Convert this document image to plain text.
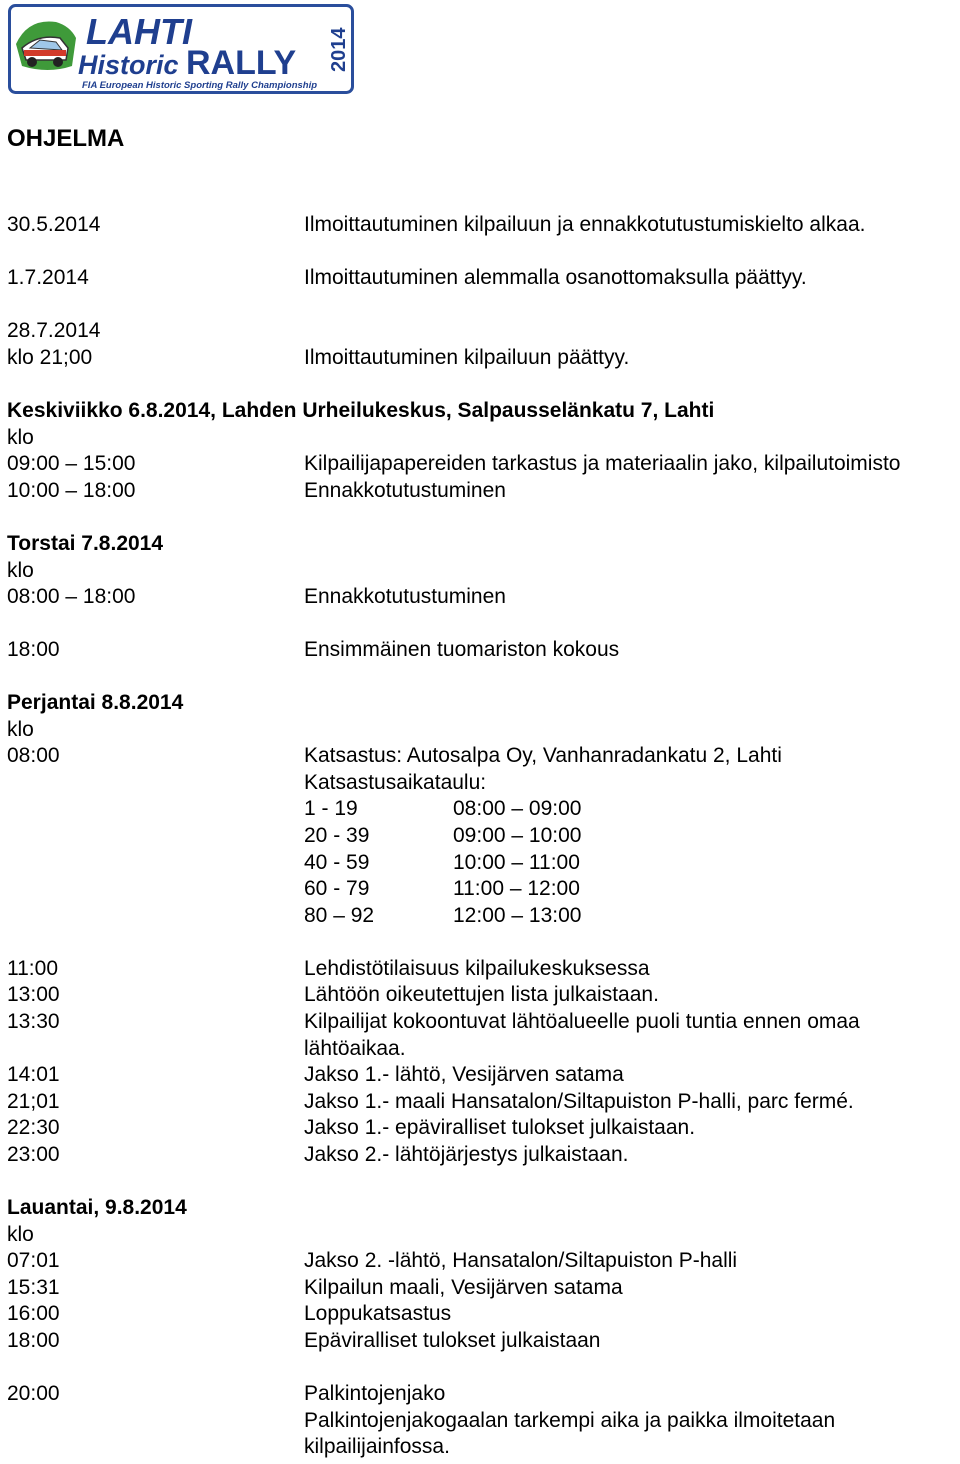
LAHTI
Historic RALLY 2014
FIA European Historic Sporting Rally Championship
OHJELMA
30.5.2014	Ilmoittautuminen kilpailuun ja ennakkotutustumiskielto alkaa.
1.7.2014	Ilmoittautuminen alemmalla osanottomaksulla päättyy.
28.7.2014
klo 21;00	Ilmoittautuminen kilpailuun päättyy.
Keskiviikko 6.8.2014, Lahden Urheilukeskus, Salpausselänkatu 7, Lahti
klo
09:00 – 15:00	Kilpailijapapereiden tarkastus ja materiaalin jako, kilpailutoimisto
10:00 – 18:00	Ennakkotutustuminen
Torstai 7.8.2014
klo
08:00 – 18:00	Ennakkotutustuminen
18:00	Ensimmäinen tuomariston kokous
Perjantai 8.8.2014
klo
08:00	Katsastus: Autosalpa Oy, Vanhanradankatu 2, Lahti
Katsastusaikataulu:
1 - 19	08:00 – 09:00
20 - 39	09:00 – 10:00
40 - 59	10:00 – 11:00
60 - 79	11:00 – 12:00
80 – 92	12:00 – 13:00
11:00	Lehdistötilaisuus kilpailukeskuksessa
13:00	Lähtöön oikeutettujen lista julkaistaan.
13:30	Kilpailijat kokoontuvat lähtöalueelle puoli tuntia ennen omaa
lähtöaikaa.
14:01	Jakso 1.- lähtö, Vesijärven satama
21;01	Jakso 1.- maali Hansatalon/Siltapuiston P-halli, parc fermé.
22:30	Jakso 1.- epäviralliset tulokset julkaistaan.
23:00	Jakso 2.- lähtöjärjestys julkaistaan.
Lauantai, 9.8.2014
klo
07:01	Jakso 2. -lähtö, Hansatalon/Siltapuiston P-halli
15:31	Kilpailun maali, Vesijärven satama
16:00	Loppukatsastus
18:00	Epäviralliset tulokset julkaistaan
20:00	Palkintojenjako
Palkintojenjakogaalan tarkempi aika ja paikka ilmoitetaan
kilpailijainfossa.
